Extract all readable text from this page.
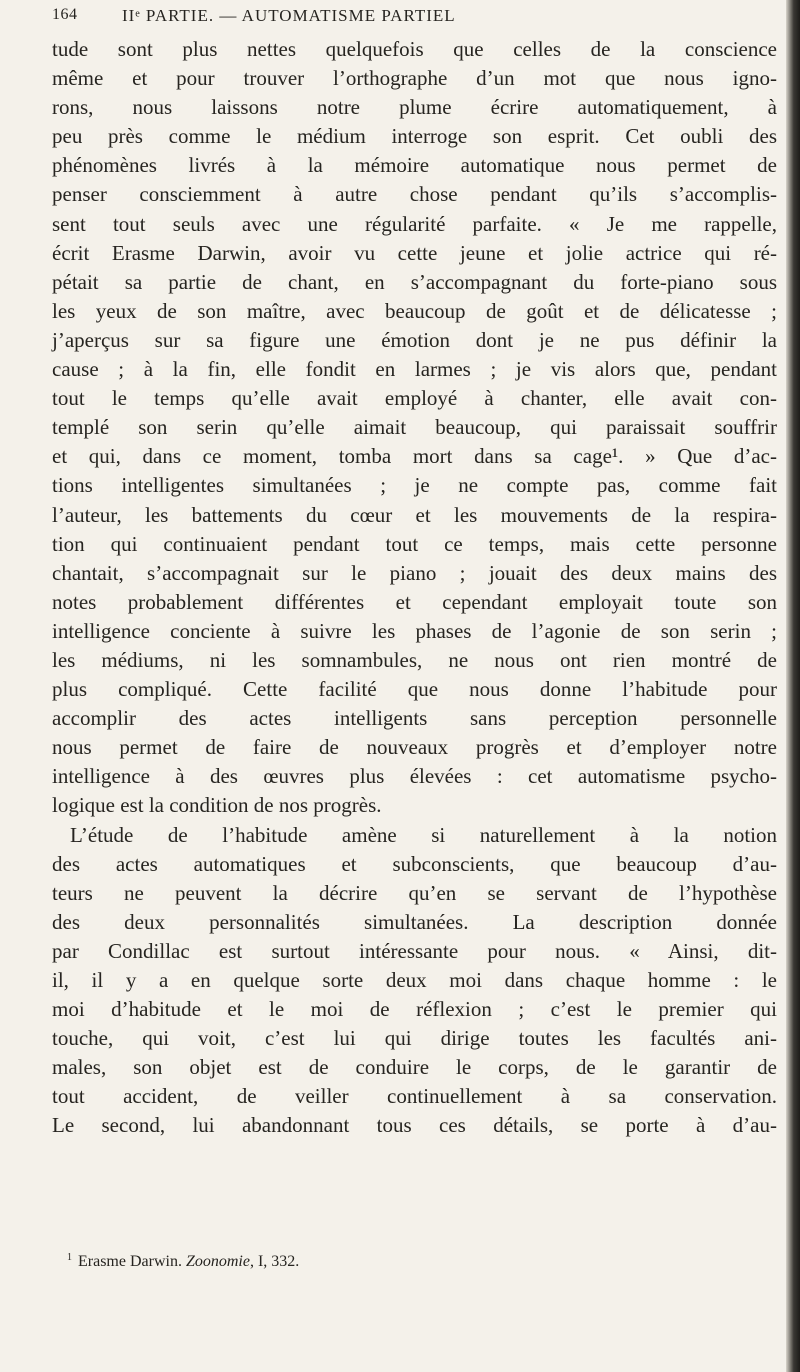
164	IIᵉ PARTIE. — AUTOMATISME PARTIEL
tude sont plus nettes quelquefois que celles de la conscience
même et pour trouver l’orthographe d’un mot que nous igno-
rons, nous laissons notre plume écrire automatiquement, à
peu près comme le médium interroge son esprit. Cet oubli des
phénomènes livrés à la mémoire automatique nous permet de
penser consciemment à autre chose pendant qu’ils s’accomplis-
sent tout seuls avec une régularité parfaite. « Je me rappelle,
écrit Erasme Darwin, avoir vu cette jeune et jolie actrice qui ré-
pétait sa partie de chant, en s’accompagnant du forte-piano sous
les yeux de son maître, avec beaucoup de goût et de délicatesse ;
j’aperçus sur sa figure une émotion dont je ne pus définir la
cause ; à la fin, elle fondit en larmes ; je vis alors que, pendant
tout le temps qu’elle avait employé à chanter, elle avait con-
templé son serin qu’elle aimait beaucoup, qui paraissait souffrir
et qui, dans ce moment, tomba mort dans sa cage¹. » Que d’ac-
tions intelligentes simultanées ; je ne compte pas, comme fait
l’auteur, les battements du cœur et les mouvements de la respira-
tion qui continuaient pendant tout ce temps, mais cette personne
chantait, s’accompagnait sur le piano ; jouait des deux mains des
notes probablement différentes et cependant employait toute son
intelligence conciente à suivre les phases de l’agonie de son serin ;
les médiums, ni les somnambules, ne nous ont rien montré de
plus compliqué. Cette facilité que nous donne l’habitude pour
accomplir des actes intelligents sans perception personnelle
nous permet de faire de nouveaux progrès et d’employer notre
intelligence à des œuvres plus élevées : cet automatisme psycho-
logique est la condition de nos progrès.
L’étude de l’habitude amène si naturellement à la notion
des actes automatiques et subconscients, que beaucoup d’au-
teurs ne peuvent la décrire qu’en se servant de l’hypothèse
des deux personnalités simultanées. La description donnée
par Condillac est surtout intéressante pour nous. « Ainsi, dit-
il, il y a en quelque sorte deux moi dans chaque homme : le
moi d’habitude et le moi de réflexion ; c’est le premier qui
touche, qui voit, c’est lui qui dirige toutes les facultés ani-
males, son objet est de conduire le corps, de le garantir de
tout accident, de veiller continuellement à sa conservation.
Le second, lui abandonnant tous ces détails, se porte à d’au-
$^1$ Erasme Darwin. Zoonomie, I, 332.
